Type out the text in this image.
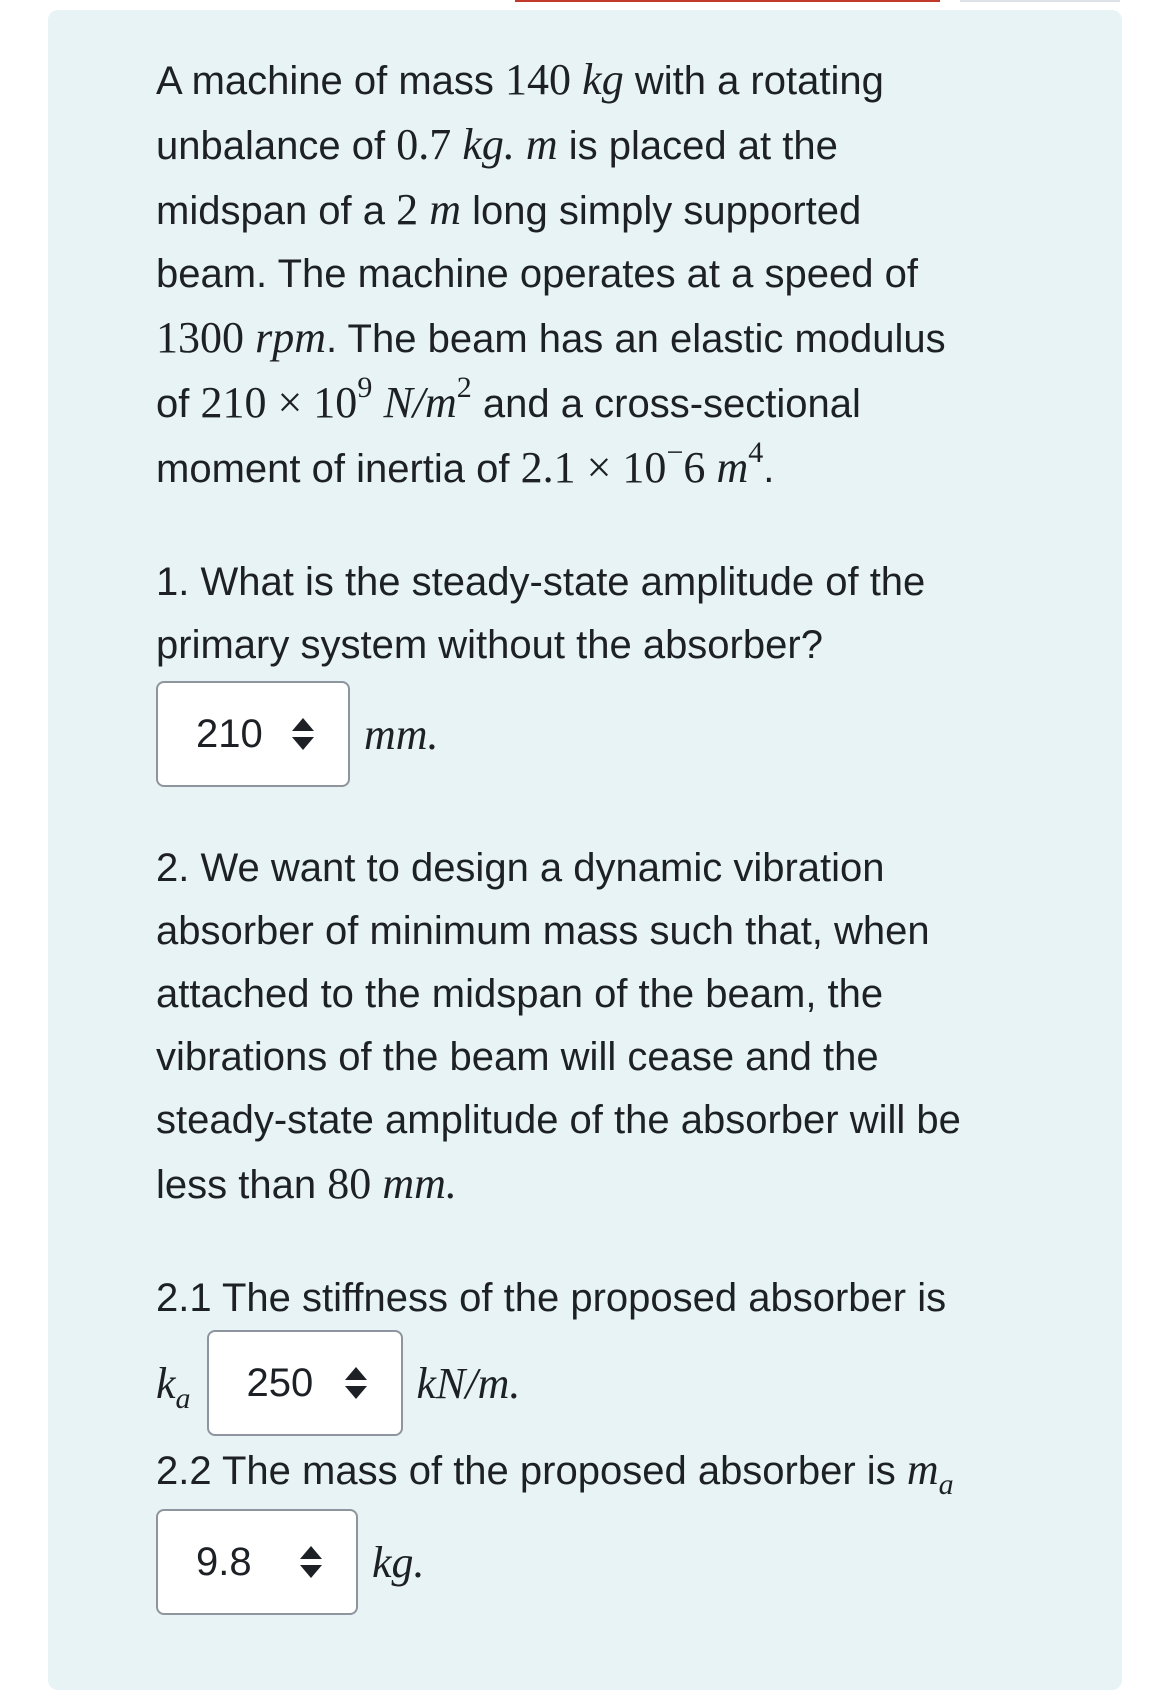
A machine of mass 140 kg with a rotating

unbalance of 0.7 kg. m is placed at the

midspan of a 2 m long simply supported

beam. The machine operates at a speed of

1300 rpm. The beam has an elastic modulus

of $210 \times 10^9$ $N/m^2$ and a cross-sectional

moment of inertia of 2.1 × 10−6 $m^4$.

1. What is the steady-state amplitude of the

primary system without the absorber?

210 mm.

2. We want to design a dynamic vibration

absorber of minimum mass such that, when

attached to the midspan of the beam, the

vibrations of the beam will cease and the

steady-state amplitude of the absorber will be

less than 80 mm.

2.1 The stiffness of the proposed absorber is

$k_a$	250 kN/m.

2.2 The mass of the proposed absorber is $m_a$

9.8	kg.
